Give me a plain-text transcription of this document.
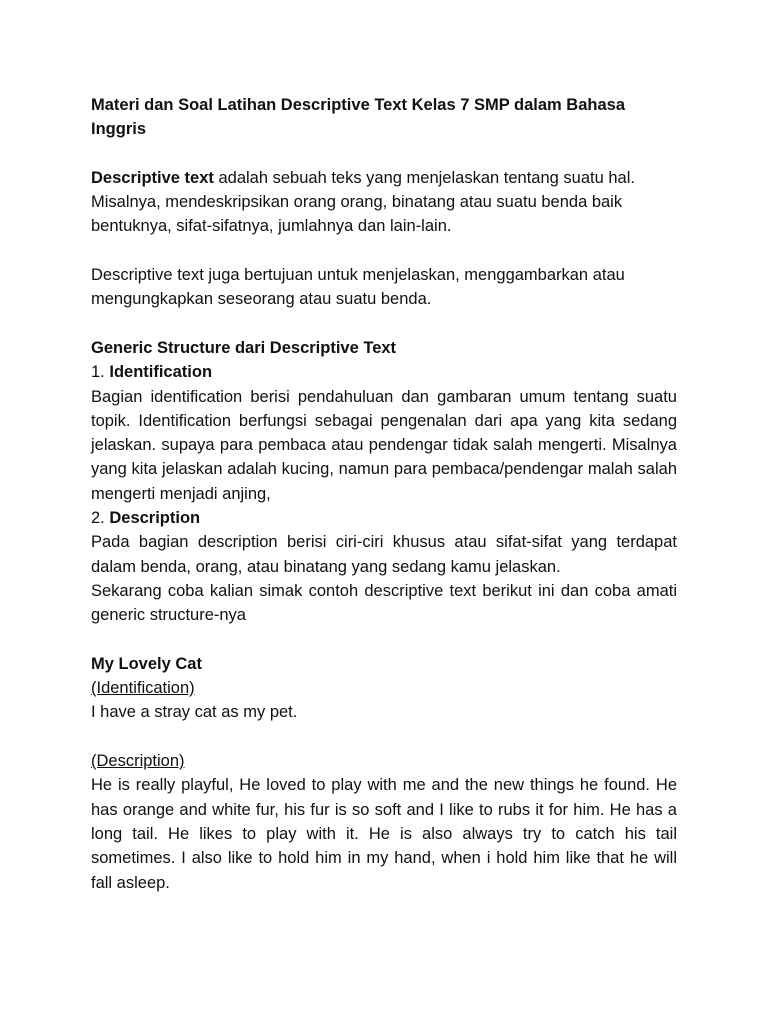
Materi dan Soal Latihan Descriptive Text Kelas 7 SMP dalam Bahasa Inggris

Descriptive text adalah sebuah teks yang menjelaskan tentang suatu hal. Misalnya, mendeskripsikan orang orang, binatang atau suatu benda baik bentuknya, sifat-sifatnya, jumlahnya dan lain-lain.

Descriptive text juga bertujuan untuk menjelaskan, menggambarkan atau mengungkapkan seseorang atau suatu benda.

Generic Structure dari Descriptive Text

1. Identification

Bagian identification berisi pendahuluan dan gambaran umum tentang suatu topik. Identification berfungsi sebagai pengenalan dari apa yang kita sedang jelaskan. supaya para pembaca atau pendengar tidak salah mengerti. Misalnya yang kita jelaskan adalah kucing, namun para pembaca/pendengar malah salah mengerti menjadi anjing,

2. Description

Pada bagian description berisi ciri-ciri khusus atau sifat-sifat yang terdapat dalam benda, orang, atau binatang yang sedang kamu jelaskan.

Sekarang coba kalian simak contoh descriptive text berikut ini dan coba amati generic structure-nya

My Lovely Cat

(Identification)

I have a stray cat as my pet.

(Description)

He is really playful, He loved to play with me and the new things he found. He has orange and white fur, his fur is so soft and I like to rubs it for him. He has a long tail. He likes to play with it. He is also always try to catch his tail sometimes. I also like to hold him in my hand, when i hold him like that he will fall asleep.
